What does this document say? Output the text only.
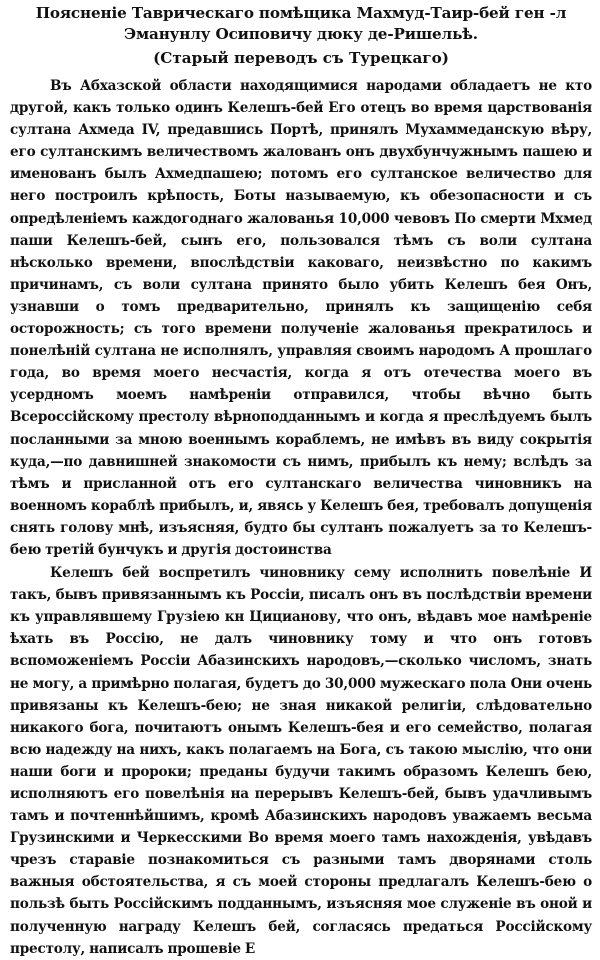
Поясненіе Таврическаго помѣщика Махмуд-Таир-бей ген -л Эманунлу Осиповичу дюку де-Ришельѣ.

(Старый переводъ съ Турецкаго)

Въ Абхазской области находящимися народами обладаетъ не кто другой, какъ только одинъ Келешъ-бей Его отецъ во время царствованія султана Ахмеда IV, предавшись Портѣ, принялъ Мухаммеданскую вѣру, его султанскимъ величествомъ жалованъ онъ двухбунчужнымъ пашею и именованъ былъ Ахмедпашею; потомъ его султанское величество для него построилъ крѣпость, Боты называемую, къ обезопасности и съ опредѣленіемъ каждогоднаго жалованья 10,000 чевовъ По смерти Мхмед паши Келешъ-бей, сынъ его, пользовался тѣмъ съ воли султана нѣсколько времени, впослѣдствіи каковаго, неизвѣстно по какимъ причинамъ, съ воли султана принято было убить Келешъ бея Онъ, узнавши о томъ предварительно, принялъ къ защищенію себя осторожность; съ того времени полученіе жалованья прекратилось и понелѣній султана не исполнялъ, управляя своимъ народомъ А прошлаго года, во время моего несчастія, когда я отъ отечества моего въ усердномъ моемъ намѣреніи отправился, чтобы вѣчно быть Всероссійскому престолу вѣрноподданнымъ и когда я преслѣдуемъ былъ посланными за мною военнымъ кораблемъ, не имѣвъ въ виду сокрытія куда,—по давнишней знакомости съ нимъ, прибылъ къ нему; вслѣдъ за тѣмъ и присланной отъ его султанскаго величества чиновникъ на военномъ кораблѣ прибылъ, и, явясь у Келешъ бея, требовалъ допущенія снять голову мнѣ, изъясняя, будто бы султанъ пожалуетъ за то Келешъ-бею третій бунчукъ и другія достоинства

Келешъ бей воспретилъ чиновнику сему исполнить повелѣніе И такъ, бывъ привязаннымъ къ Россіи, писалъ онъ въ послѣдствіи времени къ управлявшему Грузіею кн Цицианову, что онъ, вѣдавъ мое намѣреніе ѣхать въ Россію, не далъ чиновнику тому и что онъ готовъ вспоможеніемъ Россіи Абазинскихъ народовъ,—сколько числомъ, знать не могу, а примѣрно полагая, будетъ до 30,000 мужескаго пола Они очень привязаны къ Келешъ-бею; не зная никакой религіи, слѣдовательно никакого бога, почитаютъ онымъ Келешъ-бея и его семейство, полагая всю надежду на нихъ, какъ полагаемъ на Бога, съ такою мыслію, что они наши боги и пророки; преданы будучи такимъ образомъ Келешъ бею, исполняютъ его повелѣнія на перерывъ Келешъ-бей, бывъ удачливымъ тамъ и почтеннѣйшимъ, кромѣ Абазинскихъ народовъ уважаемъ весьма Грузинскими и Черкесскими Во время моего тамъ нахожденія, увѣдавъ чрезъ старавіе познакомиться съ разными тамъ дворянами столь важныя обстоятельства, я съ моей стороны предлагалъ Келешъ-бею о пользѣ быть Россійскимъ подданнымъ, изъясняя мое служеніе въ оной и полученную награду Келешъ бей, согласясь предаться Россійскому престолу, написалъ прошевіе Е
